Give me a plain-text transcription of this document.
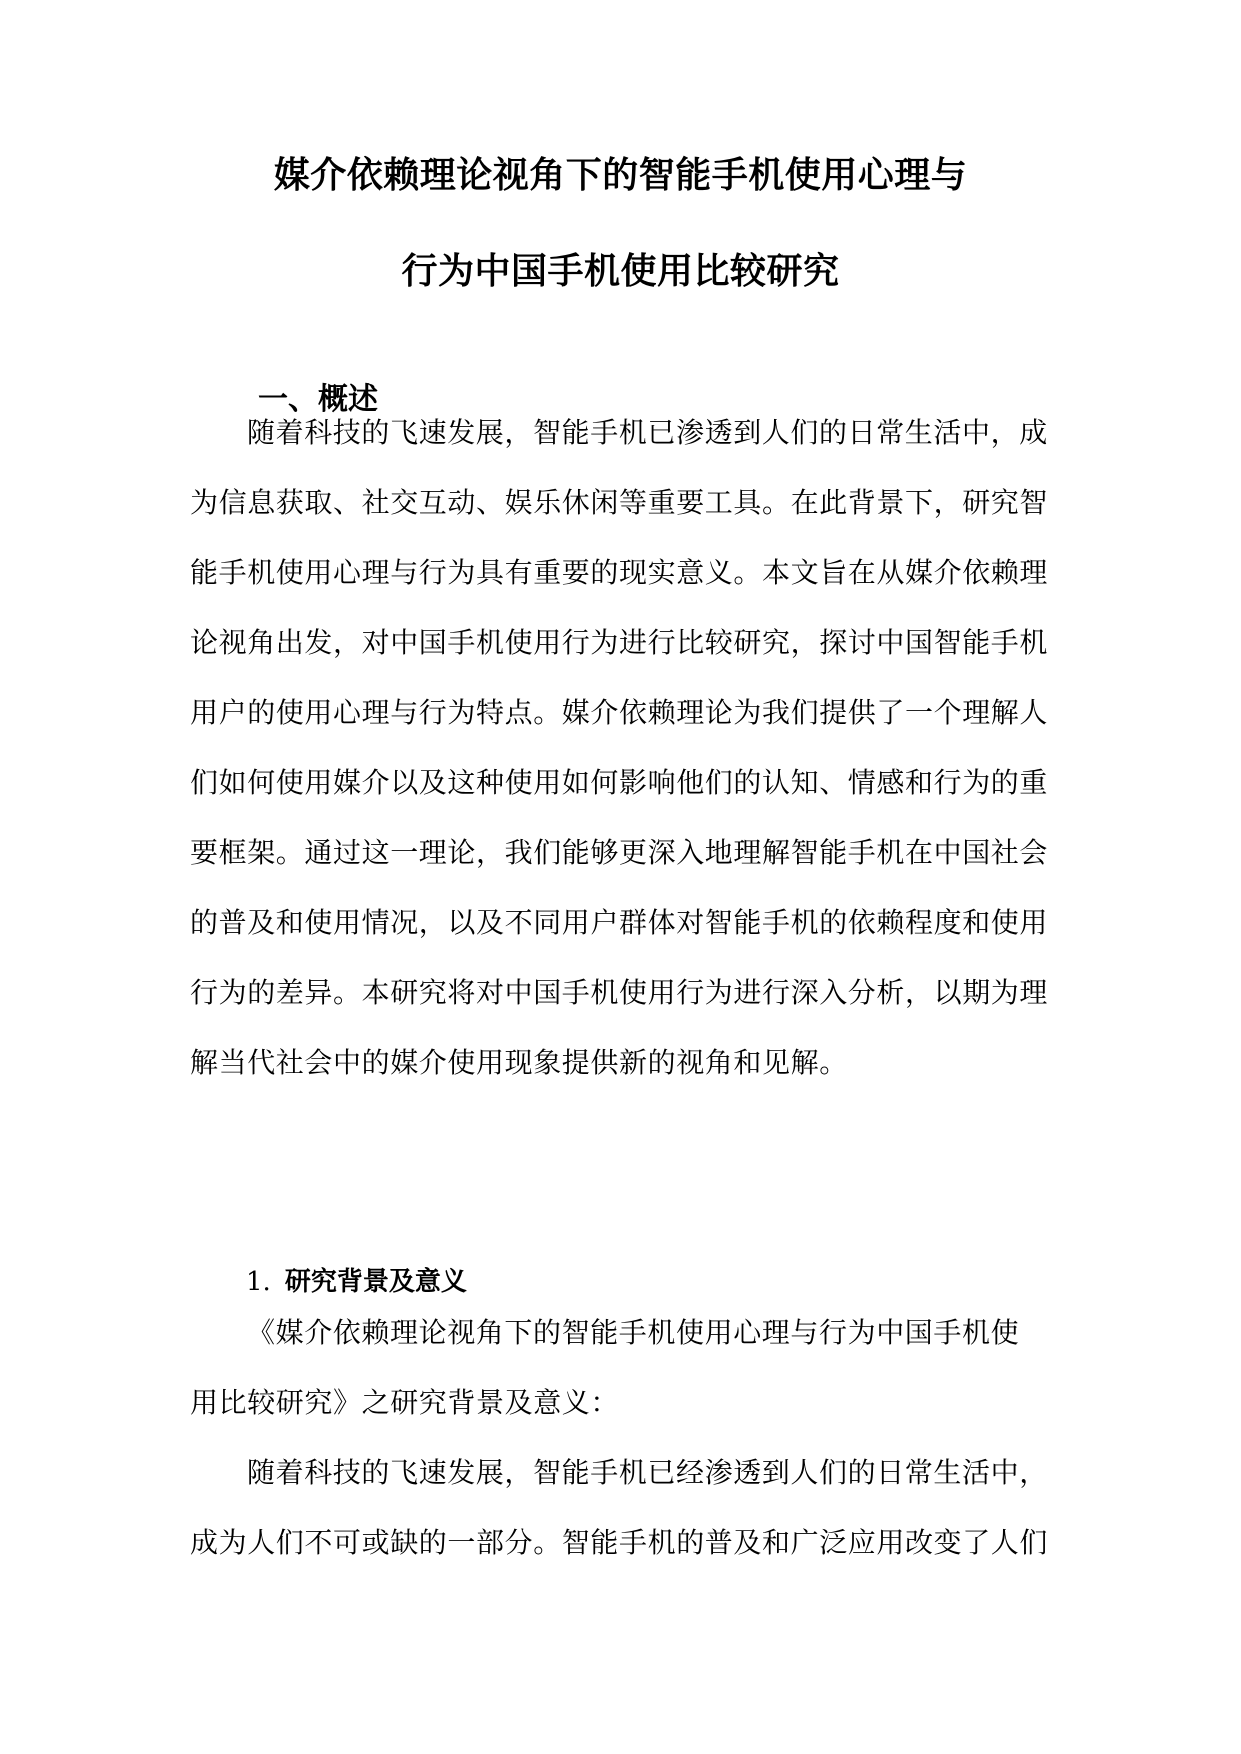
媒介依赖理论视角下的智能手机使用心理与
行为中国手机使用比较研究
一、概述
随着科技的飞速发展，智能手机已渗透到人们的日常生活中，成
为信息获取、社交互动、娱乐休闲等重要工具。在此背景下，研究智
能手机使用心理与行为具有重要的现实意义。本文旨在从媒介依赖理
论视角出发，对中国手机使用行为进行比较研究，探讨中国智能手机
用户的使用心理与行为特点。媒介依赖理论为我们提供了一个理解人
们如何使用媒介以及这种使用如何影响他们的认知、情感和行为的重
要框架。通过这一理论，我们能够更深入地理解智能手机在中国社会
的普及和使用情况，以及不同用户群体对智能手机的依赖程度和使用
行为的差异。本研究将对中国手机使用行为进行深入分析，以期为理
解当代社会中的媒介使用现象提供新的视角和见解。
1. 研究背景及意义
《媒介依赖理论视角下的智能手机使用心理与行为中国手机使
用比较研究》之研究背景及意义：
随着科技的飞速发展，智能手机已经渗透到人们的日常生活中，
成为人们不可或缺的一部分。智能手机的普及和广泛应用改变了人们
